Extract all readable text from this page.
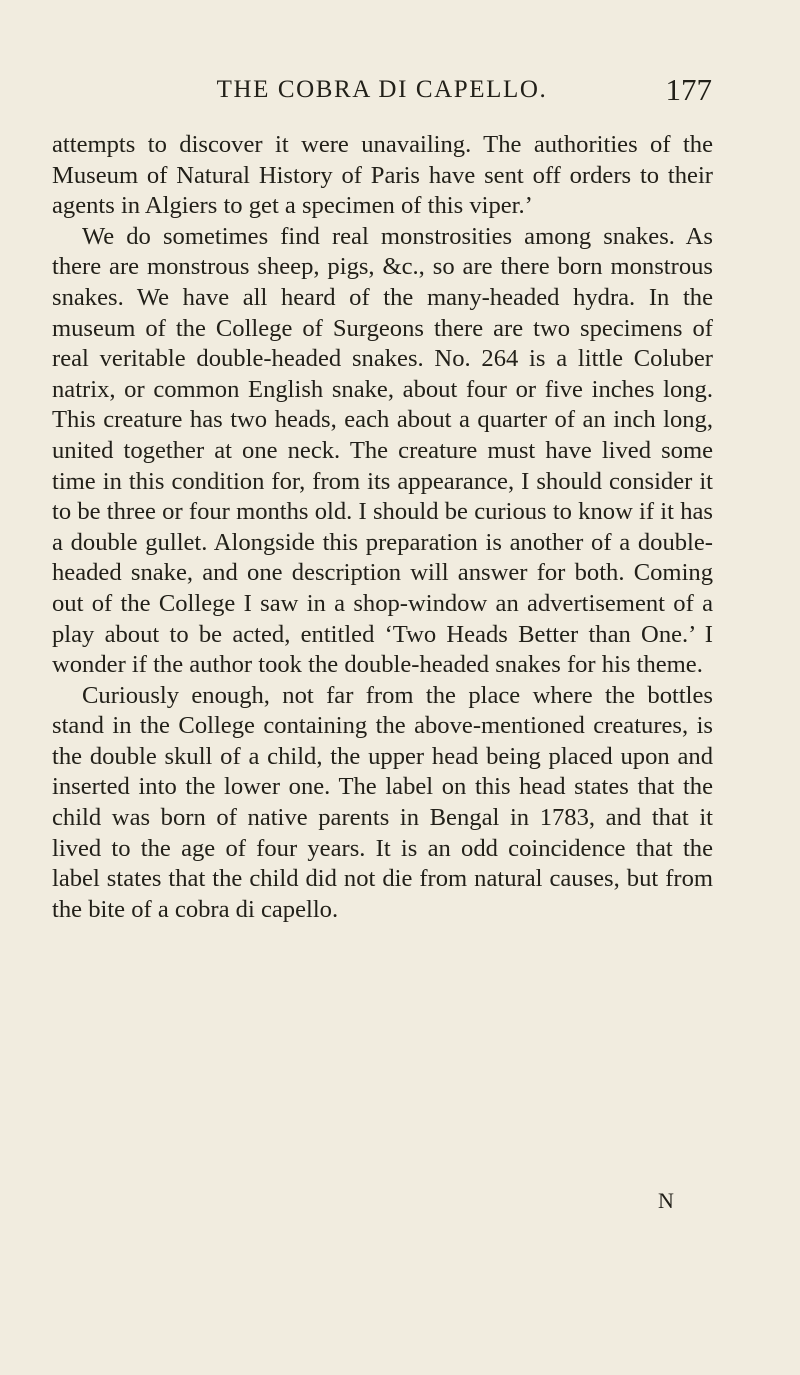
THE COBRA DI CAPELLO.	177

attempts to discover it were unavailing. The authorities of the Museum of Natural History of Paris have sent off orders to their agents in Algiers to get a specimen of this viper.’

We do sometimes find real monstrosities among snakes. As there are monstrous sheep, pigs, &c., so are there born monstrous snakes. We have all heard of the many-headed hydra. In the museum of the College of Surgeons there are two specimens of real veritable double-headed snakes. No. 264 is a little Coluber natrix, or common English snake, about four or five inches long. This creature has two heads, each about a quarter of an inch long, united together at one neck. The creature must have lived some time in this condition for, from its appearance, I should consider it to be three or four months old. I should be curious to know if it has a double gullet. Alongside this preparation is another of a double-headed snake, and one description will answer for both. Coming out of the College I saw in a shop-window an advertisement of a play about to be acted, entitled ‘Two Heads Better than One.’ I wonder if the author took the double-headed snakes for his theme.

Curiously enough, not far from the place where the bottles stand in the College containing the above-mentioned creatures, is the double skull of a child, the upper head being placed upon and inserted into the lower one. The label on this head states that the child was born of native parents in Bengal in 1783, and that it lived to the age of four years. It is an odd coincidence that the label states that the child did not die from natural causes, but from the bite of a cobra di capello.

N
